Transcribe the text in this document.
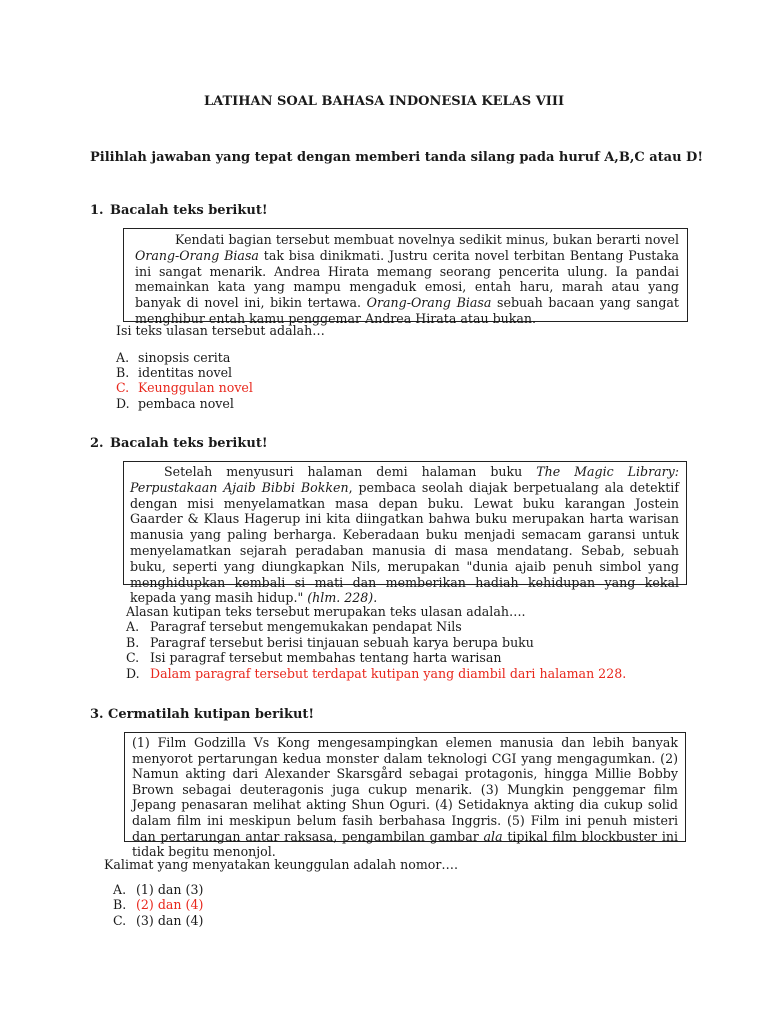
LATIHAN SOAL BAHASA INDONESIA KELAS VIII
Pilihlah jawaban yang tepat dengan memberi tanda silang pada huruf A,B,C atau D!
1. Bacalah teks berikut!

Kendati bagian tersebut membuat novelnya sedikit minus, bukan berarti novel Orang-Orang Biasa tak bisa dinikmati. Justru cerita novel terbitan Bentang Pustaka ini sangat menarik. Andrea Hirata memang seorang pencerita ulung. Ia pandai memainkan kata yang mampu mengaduk emosi, entah haru, marah atau yang banyak di novel ini, bikin tertawa. Orang-Orang Biasa sebuah bacaan yang sangat menghibur entah kamu penggemar Andrea Hirata atau bukan.

Isi teks ulasan tersebut adalah…
A. sinopsis cerita
B. identitas novel
C. Keunggulan novel
D. pembaca novel
2. Bacalah teks berikut!

Setelah menyusuri halaman demi halaman buku The Magic Library: Perpustakaan Ajaib Bibbi Bokken, pembaca seolah diajak berpetualang ala detektif dengan misi menyelamatkan masa depan buku. Lewat buku karangan Jostein Gaarder & Klaus Hagerup ini kita diingatkan bahwa buku merupakan harta warisan manusia yang paling berharga. Keberadaan buku menjadi semacam garansi untuk menyelamatkan sejarah peradaban manusia di masa mendatang. Sebab, sebuah buku, seperti yang diungkapkan Nils, merupakan "dunia ajaib penuh simbol yang menghidupkan kembali si mati dan memberikan hadiah kehidupan yang kekal kepada yang masih hidup." (hlm. 228).

Alasan kutipan teks tersebut merupakan teks ulasan adalah….
A. Paragraf tersebut mengemukakan pendapat Nils
B. Paragraf tersebut berisi tinjauan sebuah karya berupa buku
C. Isi paragraf tersebut membahas tentang harta warisan
D. Dalam paragraf tersebut terdapat kutipan yang diambil dari halaman 228.
3. Cermatilah kutipan berikut!

(1) Film Godzilla Vs Kong mengesampingkan elemen manusia dan lebih banyak menyorot pertarungan kedua monster dalam teknologi CGI yang mengagumkan. (2) Namun akting dari Alexander Skarsgård sebagai protagonis, hingga Millie Bobby Brown sebagai deuteragonis juga cukup menarik. (3) Mungkin penggemar film Jepang penasaran melihat akting Shun Oguri. (4) Setidaknya akting dia cukup solid dalam film ini meskipun belum fasih berbahasa Inggris. (5) Film ini penuh misteri dan pertarungan antar raksasa, pengambilan gambar ala tipikal film blockbuster ini tidak begitu menonjol.

Kalimat yang menyatakan keunggulan adalah nomor….
A. (1) dan (3)
B. (2) dan (4)
C. (3) dan (4)
